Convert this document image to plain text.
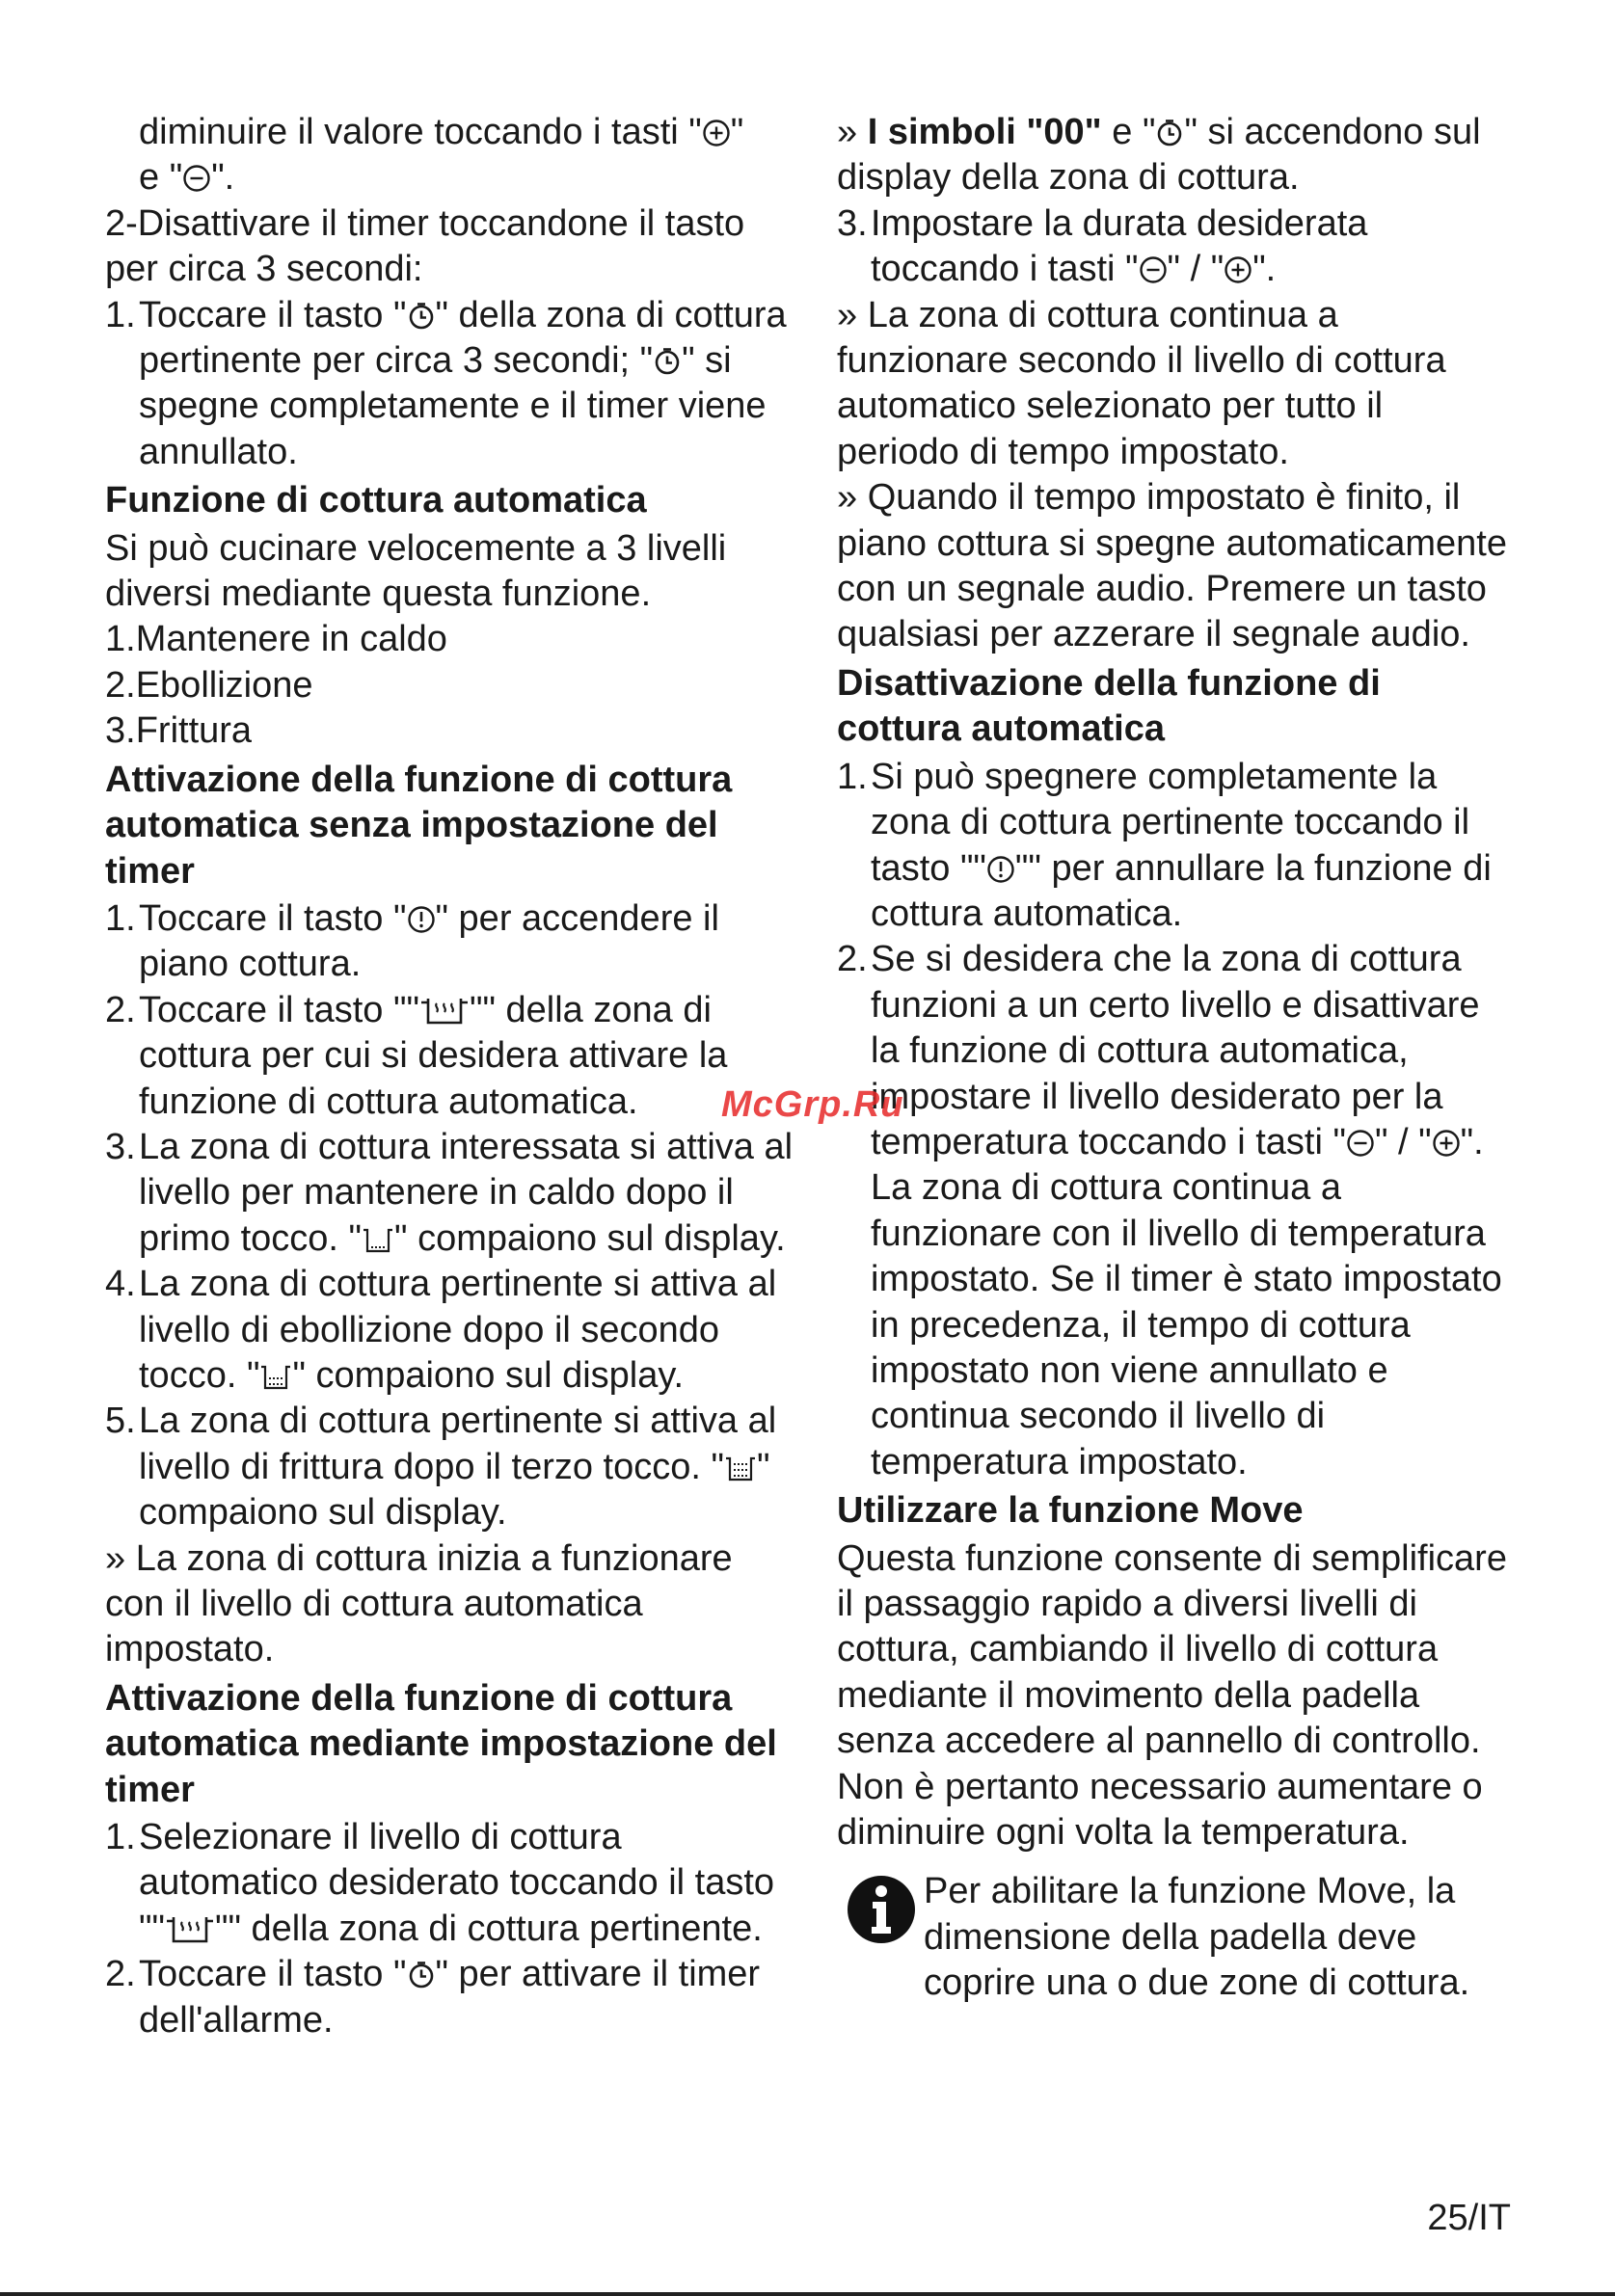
diminuire il valore toccando i tasti " "
e " ".

2-Disattivare il timer toccandone il tasto per circa 3 secondi:
1. Toccare il tasto " " della zona di cottura pertinente per circa 3 secondi; " " si spegne completamente e il timer viene annullato.
Funzione di cottura automatica

Si può cucinare velocemente a 3 livelli diversi mediante questa funzione.

1.Mantenere in caldo

2.Ebollizione

3.Frittura

Attivazione della funzione di cottura automatica senza impostazione del timer
1. Toccare il tasto " " per accendere il piano cottura.
2. Toccare il tasto "" "" della zona di cottura per cui si desidera attivare la funzione di cottura automatica.
3. La zona di cottura interessata si attiva al livello per mantenere in caldo dopo il primo tocco. " " compaiono sul display.
4. La zona di cottura pertinente si attiva al livello di ebollizione dopo il secondo tocco. " " compaiono sul display.
5. La zona di cottura pertinente si attiva al livello di frittura dopo il terzo tocco. " " compaiono sul display.

» La zona di cottura inizia a funzionare con il livello di cottura automatica impostato.

Attivazione della funzione di cottura automatica mediante impostazione del timer
1. Selezionare il livello di cottura automatico desiderato toccando il tasto "" "" della zona di cottura pertinente.
2. Toccare il tasto " " per attivare il timer dell'allarme.

» I simboli "00" e " " si accendono sul display della zona di cottura.

3. Impostare la durata desiderata toccando i tasti " " / " ".

» La zona di cottura continua a funzionare secondo il livello di cottura automatico selezionato per tutto il periodo di tempo impostato.

» Quando il tempo impostato è finito, il piano cottura si spegne automaticamente con un segnale audio. Premere un tasto qualsiasi per azzerare il segnale audio.

Disattivazione della funzione di cottura automatica
1. Si può spegnere completamente la zona di cottura pertinente toccando il tasto "" "" per annullare la funzione di cottura automatica.
2. Se si desidera che la zona di cottura funzioni a un certo livello e disattivare la funzione di cottura automatica, impostare il livello desiderato per la temperatura toccando i tasti " " / " ". La zona di cottura continua a funzionare con il livello di temperatura impostato. Se il timer è stato impostato in precedenza, il tempo di cottura impostato non viene annullato e continua secondo il livello di temperatura impostato.
Utilizzare la funzione Move

Questa funzione consente di semplificare il passaggio rapido a diversi livelli di cottura, cambiando il livello di cottura mediante il movimento della padella senza accedere al pannello di controllo. Non è pertanto necessario aumentare o diminuire ogni volta la temperatura.

Per abilitare la funzione Move, la dimensione della padella deve coprire una o due zone di cottura.
McGrp.Ru
25/IT
